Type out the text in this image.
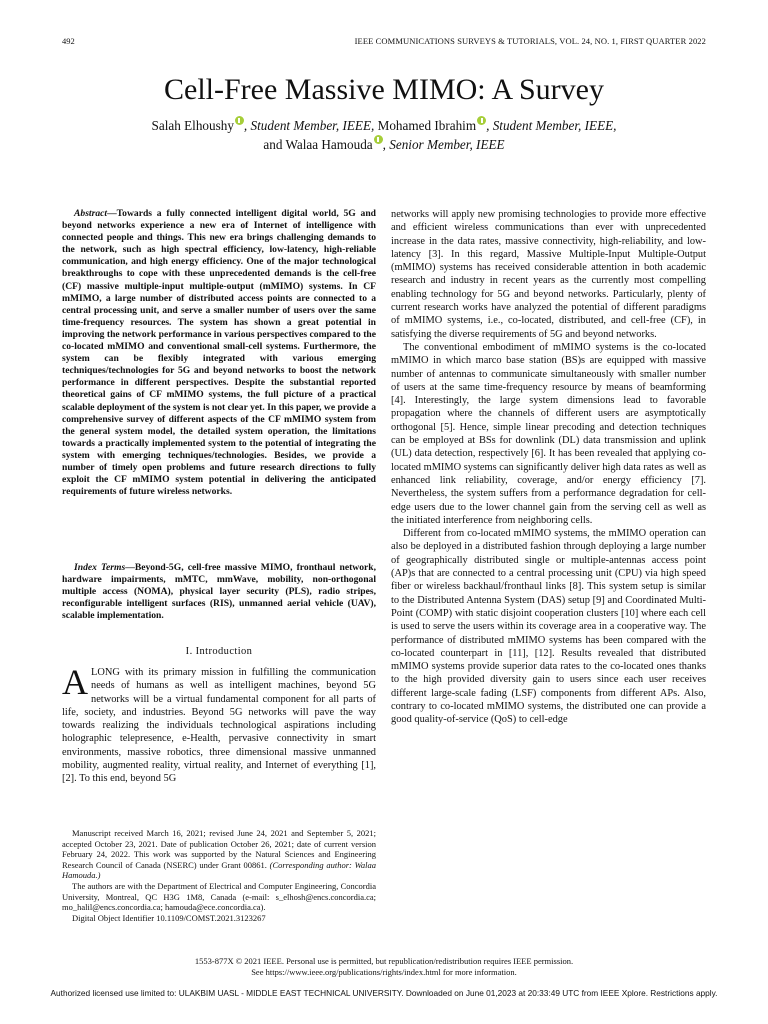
492	IEEE COMMUNICATIONS SURVEYS & TUTORIALS, VOL. 24, NO. 1, FIRST QUARTER 2022
Cell-Free Massive MIMO: A Survey
Salah Elhoushy , Student Member, IEEE, Mohamed Ibrahim , Student Member, IEEE,
and Walaa Hamouda , Senior Member, IEEE

Abstract—Towards a fully connected intelligent digital world, 5G and beyond networks experience a new era of Internet of intelligence with connected people and things. This new era brings challenging demands to the network, such as high spectral efficiency, low-latency, high-reliable communication, and high energy efficiency. One of the major technological breakthroughs to cope with these unprecedented demands is the cell-free (CF) massive multiple-input multiple-output (mMIMO) systems. In CF mMIMO, a large number of distributed access points are connected to a central processing unit, and serve a smaller number of users over the same time-frequency resources. The system has shown a great potential in improving the network performance in various perspectives compared to the co-located mMIMO and conventional small-cell systems. Furthermore, the system can be flexibly integrated with various emerging techniques/technologies for 5G and beyond networks to boost the network performance in different perspectives. Despite the substantial reported theoretical gains of CF mMIMO systems, the full picture of a practical scalable deployment of the system is not clear yet. In this paper, we provide a comprehensive survey of different aspects of the CF mMIMO system from the general system model, the detailed system operation, the limitations towards a practically implemented system to the potential of integrating the system with emerging techniques/technologies. Besides, we provide a number of timely open problems and future research directions to fully exploit the CF mMIMO system potential in delivering the anticipated requirements of future wireless networks.

Index Terms—Beyond-5G, cell-free massive MIMO, fronthaul network, hardware impairments, mMTC, mmWave, mobility, non-orthogonal multiple access (NOMA), physical layer security (PLS), radio stripes, reconfigurable intelligent surfaces (RIS), unmanned aerial vehicle (UAV), scalable implementation.

I. Introduction

ALONG with its primary mission in fulfilling the communication needs of humans as well as intelligent machines, beyond 5G networks will be a virtual fundamental component for all parts of life, society, and industries. Beyond 5G networks will pave the way towards realizing the individuals technological aspirations including holographic telepresence, e-Health, pervasive connectivity in smart environments, massive robotics, three dimensional massive unmanned mobility, augmented reality, virtual reality, and Internet of everything [1], [2]. To this end, beyond 5G

Manuscript received March 16, 2021; revised June 24, 2021 and September 5, 2021; accepted October 23, 2021. Date of publication October 26, 2021; date of current version February 24, 2022. This work was supported by the Natural Sciences and Engineering Research Council of Canada (NSERC) under Grant 00861. (Corresponding author: Walaa Hamouda.)

The authors are with the Department of Electrical and Computer Engineering, Concordia University, Montreal, QC H3G 1M8, Canada (e-mail: s_elhosh@encs.concordia.ca; mo_halil@encs.concordia.ca; hamouda@ece.concordia.ca).

Digital Object Identifier 10.1109/COMST.2021.3123267

networks will apply new promising technologies to provide more effective and efficient wireless communications than ever with unprecedented increase in the data rates, massive connectivity, high-reliability, and low-latency [3]. In this regard, Massive Multiple-Input Multiple-Output (mMIMO) systems has received considerable attention in both academic research and industry in recent years as the currently most compelling enabling technology for 5G and beyond networks. Particularly, plenty of current research works have analyzed the potential of different paradigms of mMIMO systems, i.e., co-located, distributed, and cell-free (CF), in satisfying the diverse requirements of 5G and beyond networks.

The conventional embodiment of mMIMO systems is the co-located mMIMO in which marco base station (BS)s are equipped with massive number of antennas to communicate simultaneously with smaller number of users at the same time-frequency resource by means of beamforming [4]. Interestingly, the large system dimensions lead to favorable propagation where the channels of different users are asymptotically orthogonal [5]. Hence, simple linear precoding and detection techniques can be employed at BSs for downlink (DL) data transmission and uplink (UL) data detection, respectively [6]. It has been revealed that applying co-located mMIMO systems can significantly deliver high data rates as well as enhanced link reliability, coverage, and/or energy efficiency [7]. Nevertheless, the system suffers from a performance degradation for cell-edge users due to the lower channel gain from the serving cell as well as the initiated interference from neighboring cells.

Different from co-located mMIMO systems, the mMIMO operation can also be deployed in a distributed fashion through deploying a large number of geographically distributed single or multiple-antennas access point (AP)s that are connected to a central processing unit (CPU) via high speed fiber or wireless backhaul/fronthaul links [8]. This system setup is similar to the Distributed Antenna System (DAS) setup [9] and Coordinated Multi-Point (COMP) with static disjoint cooperation clusters [10] where each cell is used to serve the users within its coverage area in a cooperative way. The performance of distributed mMIMO systems has been compared with the co-located counterpart in [11], [12]. Results revealed that distributed mMIMO systems provide superior data rates to the co-located ones thanks to the high provided diversity gain to users since each user receives different large-scale fading (LSF) components from different APs. Also, contrary to co-located mMIMO systems, the distributed one can provide a good quality-of-service (QoS) to cell-edge

1553-877X © 2021 IEEE. Personal use is permitted, but republication/redistribution requires IEEE permission.
See https://www.ieee.org/publications/rights/index.html for more information.
Authorized licensed use limited to: ULAKBIM UASL - MIDDLE EAST TECHNICAL UNIVERSITY. Downloaded on June 01,2023 at 20:33:49 UTC from IEEE Xplore. Restrictions apply.
